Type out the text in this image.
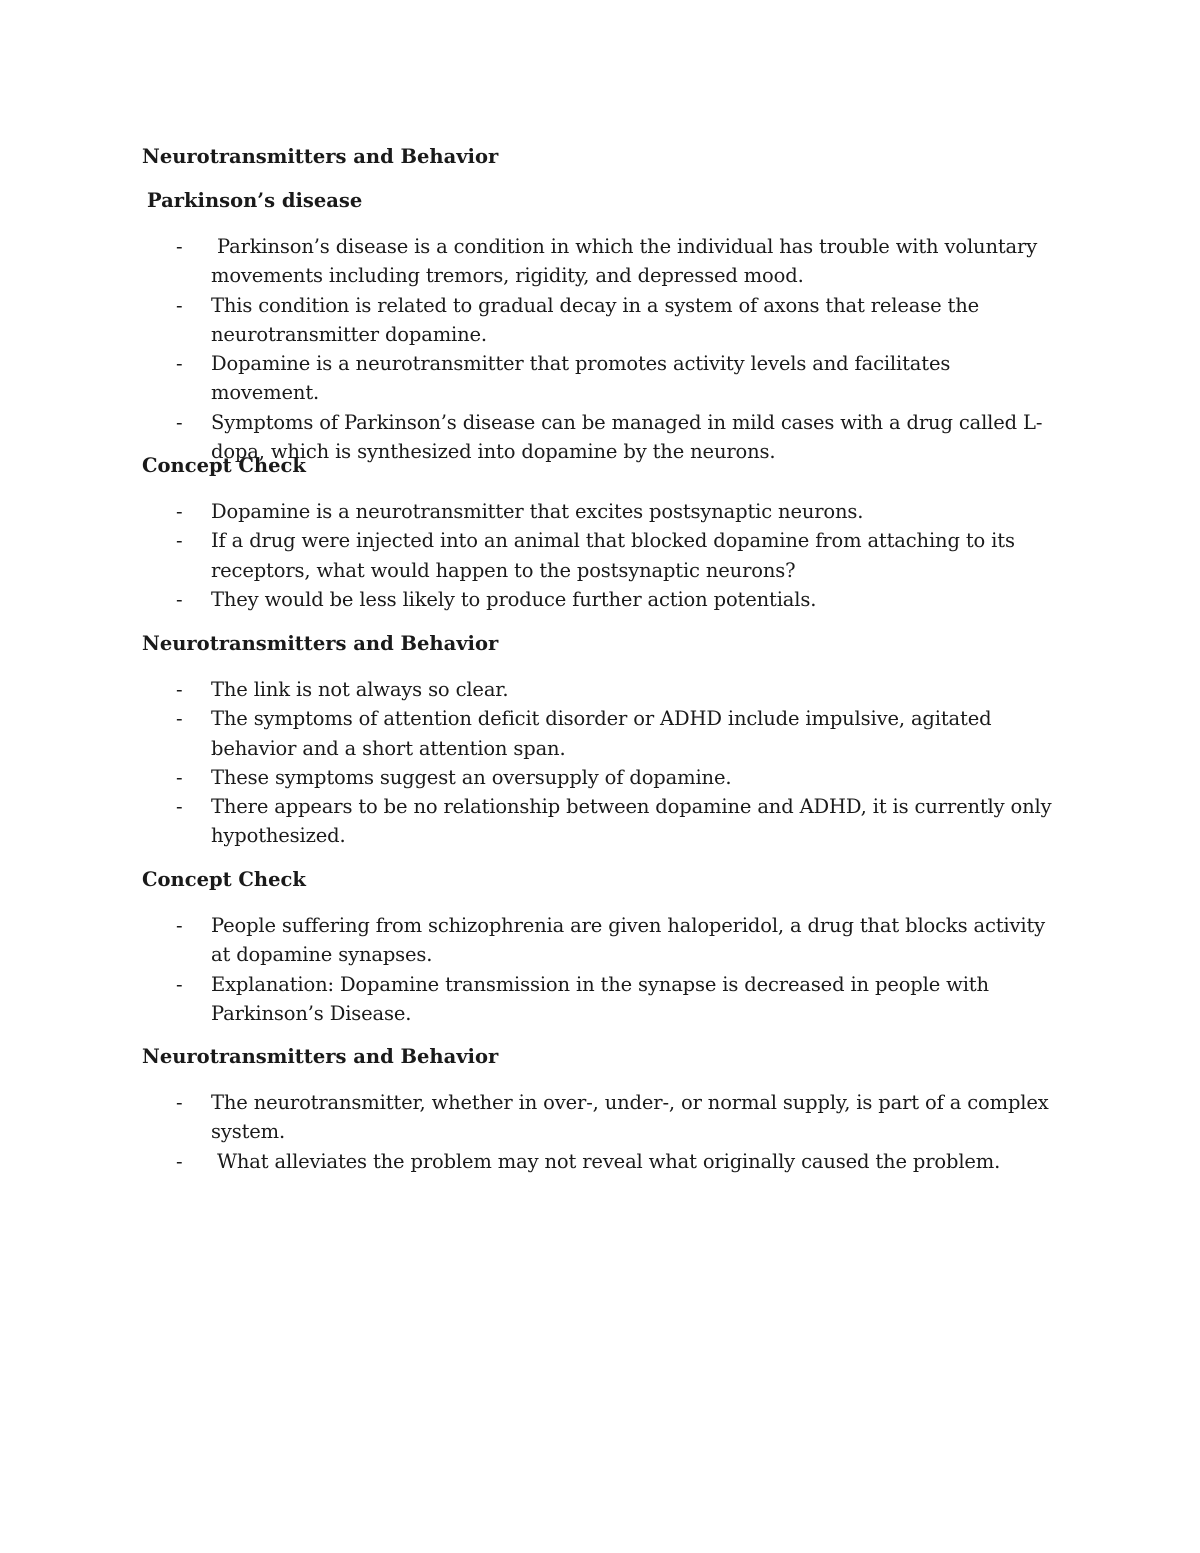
Neurotransmitters and Behavior
Parkinson’s disease
- Parkinson’s disease is a condition in which the individual has trouble with voluntary movements including tremors, rigidity, and depressed mood.
- This condition is related to gradual decay in a system of axons that release the neurotransmitter dopamine.
- Dopamine is a neurotransmitter that promotes activity levels and facilitates movement.
- Symptoms of Parkinson’s disease can be managed in mild cases with a drug called L-dopa, which is synthesized into dopamine by the neurons.
Concept Check
- Dopamine is a neurotransmitter that excites postsynaptic neurons.
- If a drug were injected into an animal that blocked dopamine from attaching to its receptors, what would happen to the postsynaptic neurons?
- They would be less likely to produce further action potentials.
Neurotransmitters and Behavior
- The link is not always so clear.
- The symptoms of attention deficit disorder or ADHD include impulsive, agitated behavior and a short attention span.
- These symptoms suggest an oversupply of dopamine.
- There appears to be no relationship between dopamine and ADHD, it is currently only hypothesized.
Concept Check
- People suffering from schizophrenia are given haloperidol, a drug that blocks activity at dopamine synapses.
- Explanation: Dopamine transmission in the synapse is decreased in people with Parkinson’s Disease.
Neurotransmitters and Behavior
- The neurotransmitter, whether in over-, under-, or normal supply, is part of a complex system.
- What alleviates the problem may not reveal what originally caused the problem.
